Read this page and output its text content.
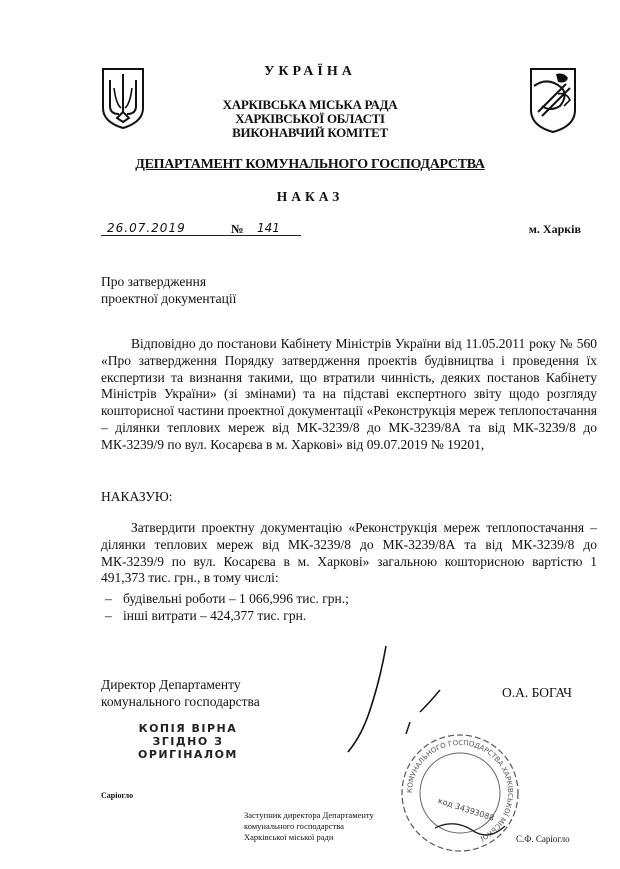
УКРАЇНА
ХАРКІВСЬКА МІСЬКА РАДА
ХАРКІВСЬКОЇ ОБЛАСТІ
ВИКОНАВЧИЙ КОМІТЕТ
ДЕПАРТАМЕНТ КОМУНАЛЬНОГО ГОСПОДАРСТВА
НАКАЗ
26.07.2019	№ 141	м. Харків
Про затвердження
проектної документації
Відповідно до постанови Кабінету Міністрів України від 11.05.2011 року № 560 «Про затвердження Порядку затвердження проектів будівництва і проведення їх експертизи та визнання такими, що втратили чинність, деяких постанов Кабінету Міністрів України» (зі змінами) та на підставі експертного звіту щодо розгляду кошторисної частини проектної документації «Реконструкція мереж теплопостачання – ділянки теплових мереж від МК-3239/8 до МК-3239/8А та від МК-3239/8 до МК-3239/9 по вул. Косарєва в м. Харкові» від 09.07.2019 № 19201,
НАКАЗУЮ:
Затвердити проектну документацію «Реконструкція мереж теплопостачання – ділянки теплових мереж від МК-3239/8 до МК-3239/8А та від МК-3239/8 до МК-3239/9 по вул. Косарєва в м. Харкові» загальною кошторисною вартістю 1 491,373 тис. грн., в тому числі:
– будівельні роботи – 1 066,996 тис. грн.;
– інші витрати – 424,377 тис. грн.
Директор Департаменту
комунального господарства
О.А. БОГАЧ
КОПІЯ ВІРНА
ЗГІДНО З
ОРИГІНАЛОМ
Саріогло
КОМУНАЛЬНОГО ГОСПОДАРСТВА ХАРКІВСЬКОЇ МІСЬКОЇ
код 34393088
Заступник директора Департаменту
комунального господарства
Харківської міської ради	С.Ф. Саріогло
